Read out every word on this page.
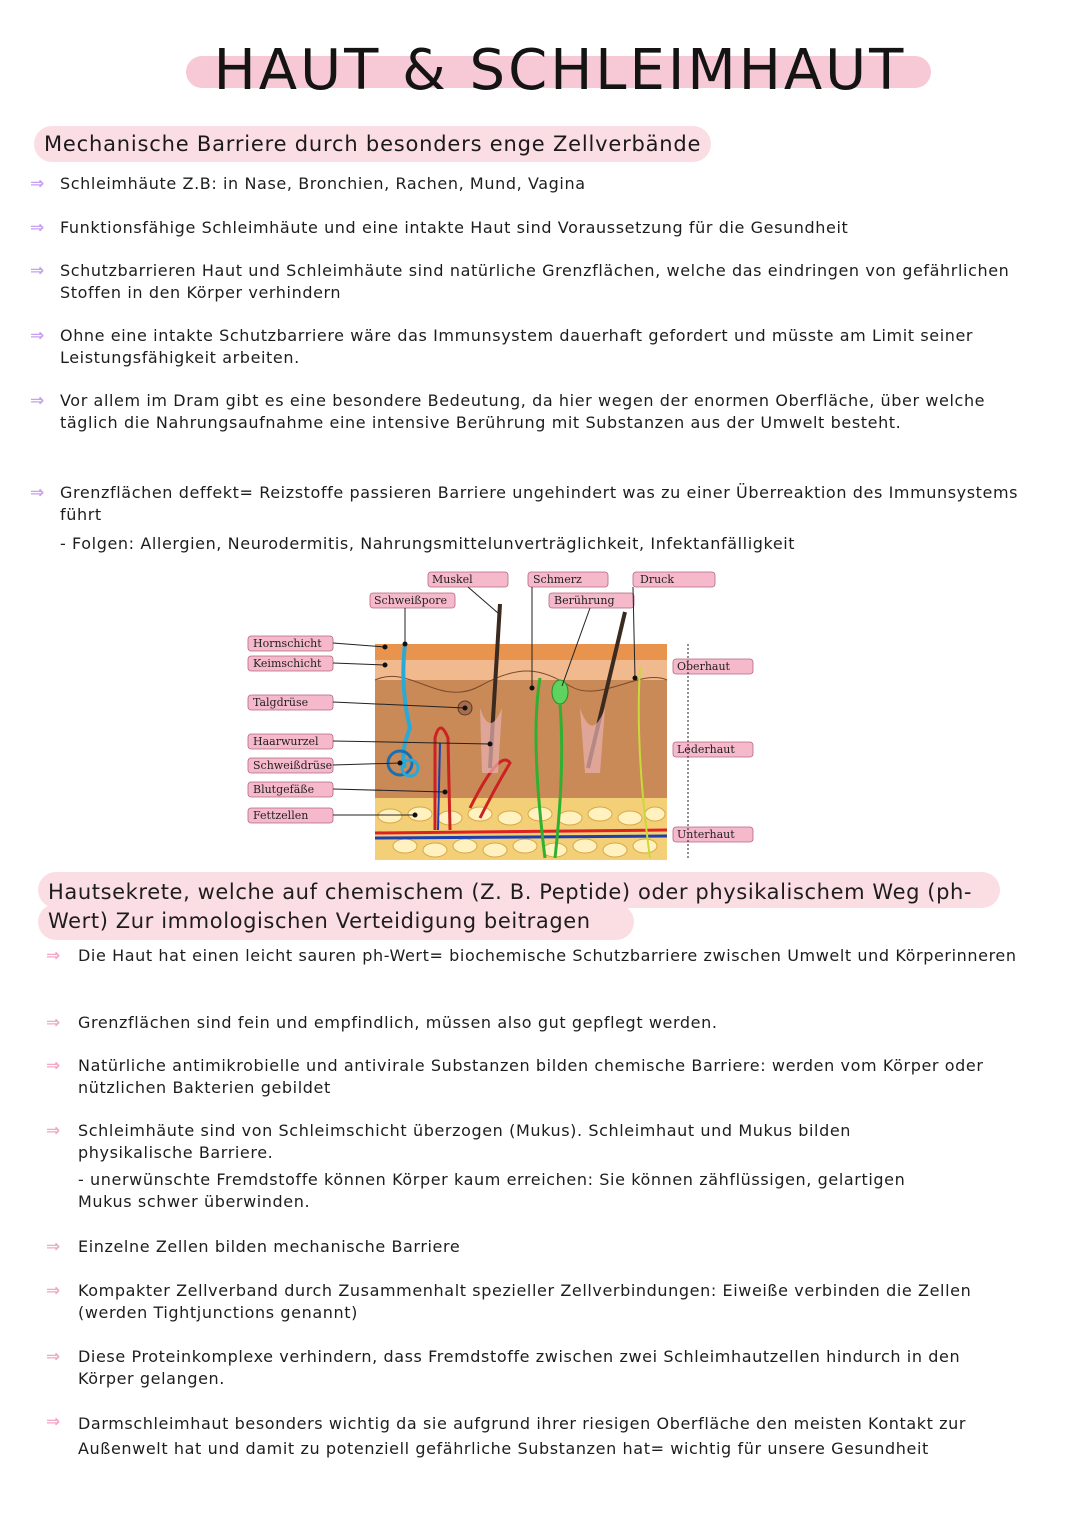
HAUT & SCHLEIMHAUT
Mechanische Barriere durch besonders enge Zellverbände
⇒ Schleimhäute Z.B: in Nase, Bronchien, Rachen, Mund, Vagina
⇒ Funktionsfähige Schleimhäute und eine intakte Haut sind Voraussetzung für die Gesundheit
⇒ Schutzbarrieren Haut und Schleimhäute sind natürliche Grenzflächen, welche das eindringen von gefährlichen Stoffen in den Körper verhindern
⇒ Ohne eine intakte Schutzbarriere wäre das Immunsystem dauerhaft gefordert und müsste am Limit seiner Leistungsfähigkeit arbeiten.
⇒ Vor allem im Dram gibt es eine besondere Bedeutung, da hier wegen der enormen Oberfläche, über welche täglich die Nahrungsaufnahme eine intensive Berührung mit Substanzen aus der Umwelt besteht.
⇒ Grenzflächen deffekt= Reizstoffe passieren Barriere ungehindert was zu einer Überreaktion des Immunsystems führt
- Folgen: Allergien, Neurodermitis, Nahrungsmittelunverträglichkeit, Infektanfälligkeit
Muskel	Schmerz	Druck
Schweißpore	Berührung
Hornschicht
Keimschicht
Talgdrüse
Haarwurzel
Schweißdrüse
Blutgefäße
Fettzellen
Oberhaut
Lederhaut
Unterhaut
Hautsekrete, welche auf chemischem (Z. B. Peptide) oder physikalischem Weg (ph-
Wert) Zur immologischen Verteidigung beitragen
⇒ Die Haut hat einen leicht sauren ph-Wert= biochemische Schutzbarriere zwischen Umwelt und Körperinneren
⇒ Grenzflächen sind fein und empfindlich, müssen also gut gepflegt werden.
⇒ Natürliche antimikrobielle und antivirale Substanzen bilden chemische Barriere: werden vom Körper oder nützlichen Bakterien gebildet
⇒ Schleimhäute sind von Schleimschicht überzogen (Mukus). Schleimhaut und Mukus bilden physikalische Barriere.
- unerwünschte Fremdstoffe können Körper kaum erreichen: Sie können zähflüssigen, gelartigen Mukus schwer überwinden.
⇒ Einzelne Zellen bilden mechanische Barriere
⇒ Kompakter Zellverband durch Zusammenhalt spezieller Zellverbindungen: Eiweiße verbinden die Zellen (werden Tightjunctions genannt)
⇒ Diese Proteinkomplexe verhindern, dass Fremdstoffe zwischen zwei Schleimhautzellen hindurch in den Körper gelangen.
⇒ Darmschleimhaut besonders wichtig da sie aufgrund ihrer riesigen Oberfläche den meisten Kontakt zur Außenwelt hat und damit zu potenziell gefährliche Substanzen hat= wichtig für unsere Gesundheit
